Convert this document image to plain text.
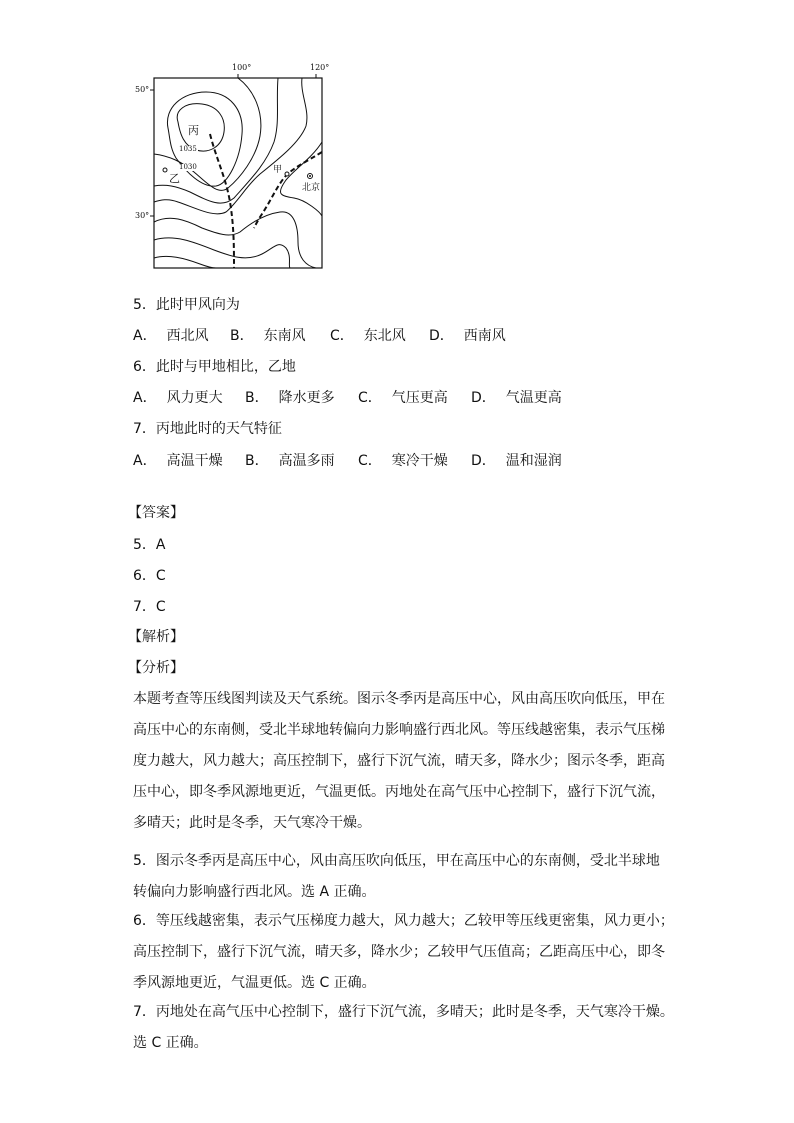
100°	120°
50°
30°
丙
乙
甲
北京
1035
1030
5．此时甲风向为
A． 西北风 B． 东南风 C． 东北风 D． 西南风
6．此时与甲地相比，乙地
A． 风力更大 B． 降水更多 C． 气压更高 D． 气温更高
7．丙地此时的天气特征
A． 高温干燥 B． 高温多雨 C． 寒冷干燥 D． 温和湿润
【答案】
5．A
6．C
7．C
【解析】
【分析】
本题考查等压线图判读及天气系统。图示冬季丙是高压中心，风由高压吹向低压，甲在
高压中心的东南侧，受北半球地转偏向力影响盛行西北风。等压线越密集，表示气压梯
度力越大，风力越大；高压控制下，盛行下沉气流，晴天多，降水少；图示冬季，距高
压中心，即冬季风源地更近，气温更低。丙地处在高气压中心控制下，盛行下沉气流，
多晴天；此时是冬季，天气寒冷干燥。
5．图示冬季丙是高压中心，风由高压吹向低压，甲在高压中心的东南侧，受北半球地
转偏向力影响盛行西北风。选 A 正确。
6．等压线越密集，表示气压梯度力越大，风力越大；乙较甲等压线更密集，风力更小；
高压控制下，盛行下沉气流，晴天多，降水少；乙较甲气压值高；乙距高压中心，即冬
季风源地更近，气温更低。选 C 正确。
7．丙地处在高气压中心控制下，盛行下沉气流，多晴天；此时是冬季，天气寒冷干燥。
选 C 正确。
